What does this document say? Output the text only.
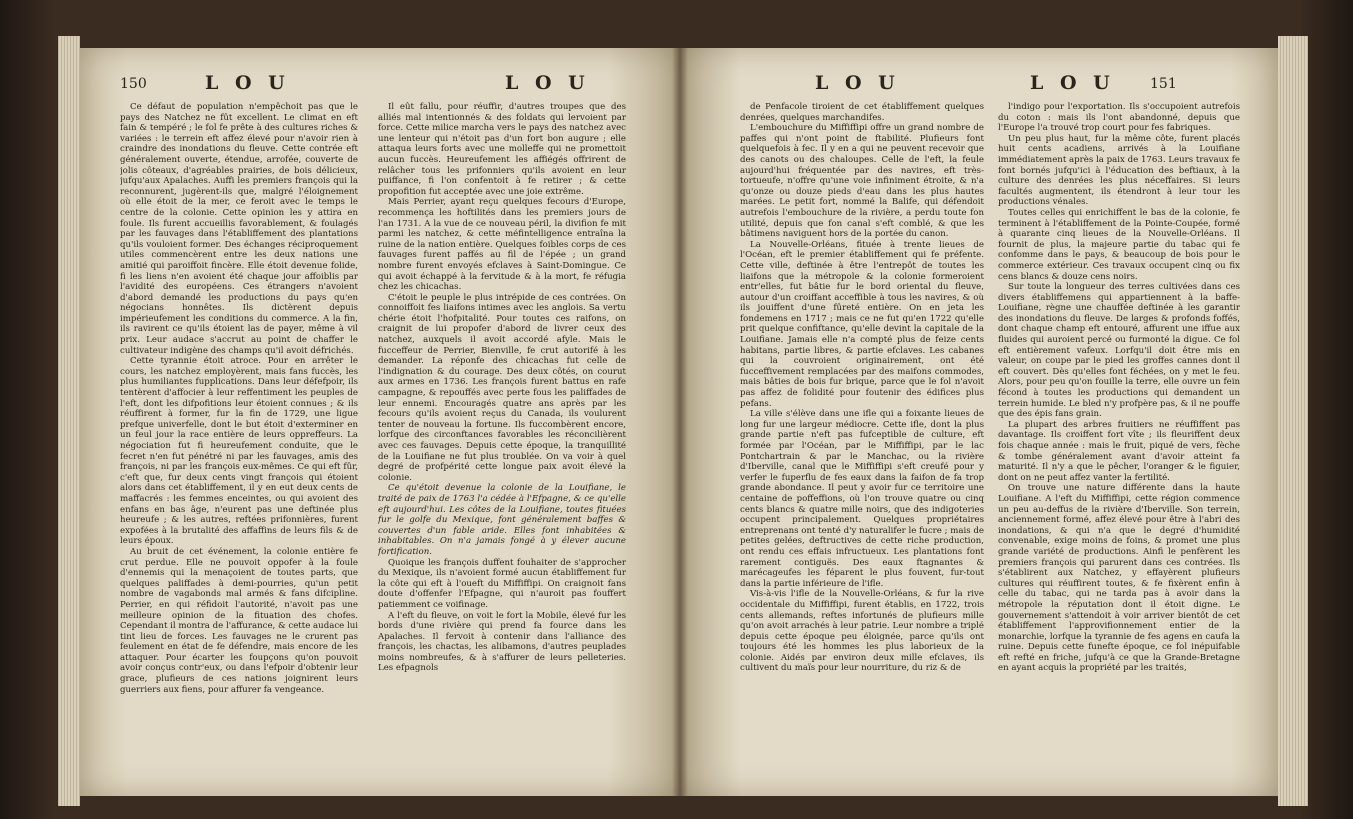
150	L O U	L O U

Ce défaut de population n'empêchoit pas que le pays des Natchez ne fût excellent. Le climat en eft fain & tempéré ; le fol fe prête à des cultures riches & variées : le terrein eft affez élevé pour n'avoir rien à craindre des inondations du fleuve. Cette contrée eft généralement ouverte, étendue, arrofée, couverte de jolis côteaux, d'agréables prairies, de bois délicieux, jufqu'aux Apalaches. Auffi les premiers françois qui la reconnurent, jugèrent-ils que, malgré l'éloignement où elle étoit de la mer, ce feroit avec le temps le centre de la colonie. Cette opinion les y attira en foule. Ils furent accueillis favorablement, & foulagés par les fauvages dans l'établiffement des plantations qu'ils vouloient former. Des échanges réciproquement utiles commencèrent entre les deux nations une amitié qui paroiffoit fincère. Elle étoit devenue folide, fi les liens n'en avoient été chaque jour affoiblis par l'avidité des européens. Ces étrangers n'avoient d'abord demandé les productions du pays qu'en négocians honnêtes. Ils dictèrent depuis impérieufement les conditions du commerce. A la fin, ils ravirent ce qu'ils étoient las de payer, même à vil prix. Leur audace s'accrut au point de chaffer le cultivateur indigène des champs qu'il avoit défrichés.

Cette tyrannie étoit atroce. Pour en arrêter le cours, les natchez employèrent, mais fans fuccès, les plus humiliantes fupplications. Dans leur défefpoir, ils tentèrent d'affocier à leur reffentiment les peuples de l'eft, dont les difpofitions leur étoient connues ; & ils réuffirent à former, fur la fin de 1729, une ligue prefque univerfelle, dont le but étoit d'exterminer en un feul jour la race entière de leurs oppreffeurs. La négociation fut fi heureufement conduite, que le fecret n'en fut pénétré ni par les fauvages, amis des françois, ni par les françois eux-mêmes. Ce qui eft fûr, c'eft que, fur deux cents vingt françois qui étoient alors dans cet établiffement, il y en eut deux cents de maffacrés : les femmes enceintes, ou qui avoient des enfans en bas âge, n'eurent pas une deftinée plus heureufe ; & les autres, reftées prifonnières, furent expofées à la brutalité des affaffins de leurs fils & de leurs époux.

Au bruit de cet événement, la colonie entière fe crut perdue. Elle ne pouvoit oppofer à la foule d'ennemis qui la menaçoient de toutes parts, que quelques paliffades à demi-pourries, qu'un petit nombre de vagabonds mal armés & fans difcipline. Perrier, en qui réfidoit l'autorité, n'avoit pas une meilleure opinion de la fituation des chofes. Cependant il montra de l'affurance, & cette audace lui tint lieu de forces. Les fauvages ne le crurent pas feulement en état de fe défendre, mais encore de les attaquer. Pour écarter les foupçons qu'on pouvoit avoir conçus contr'eux, ou dans l'efpoir d'obtenir leur grace, plufieurs de ces nations joignirent leurs guerriers aux fiens, pour affurer fa vengeance.

Il eût fallu, pour réuffir, d'autres troupes que des alliés mal intentionnés & des foldats qui lervoient par force. Cette milice marcha vers le pays des natchez avec une lenteur qui n'étoit pas d'un fort bon augure ; elle attaqua leurs forts avec une molleffe qui ne promettoit aucun fuccès. Heureufement les affiégés offrirent de relâcher tous les prifonniers qu'ils avoient en leur puiffance, fi l'on confentoit à fe retirer ; & cette propofition fut acceptée avec une joie extrême.

Mais Perrier, ayant reçu quelques fecours d'Europe, recommença les hoftilités dans les premiers jours de l'an 1731. A la vue de ce nouveau péril, la divifion fe mit parmi les natchez, & cette méfintelligence entraîna la ruine de la nation entière. Quelques foibles corps de ces fauvages furent paffés au fil de l'épée ; un grand nombre furent envoyés efclaves à Saint-Domingue. Ce qui avoit échappé à la fervitude & à la mort, fe réfugia chez les chicachas.

C'étoit le peuple le plus intrépide de ces contrées. On connoiffoit fes liaifons intimes avec les anglois. Sa vertu chérie étoit l'hofpitalité. Pour toutes ces raifons, on craignit de lui propofer d'abord de livrer ceux des natchez, auxquels il avoit accordé afyle. Mais le fucceffeur de Perrier, Bienville, fe crut autorifé à les demander. La réponfe des chicachas fut celle de l'indignation & du courage. Des deux côtés, on courut aux armes en 1736. Les françois furent battus en rafe campagne, & repouffés avec perte fous les paliffades de leur ennemi. Encouragés quatre ans après par les fecours qu'ils avoient reçus du Canada, ils voulurent tenter de nouveau la fortune. Ils fuccombèrent encore, lorfque des circonftances favorables les réconcilièrent avec ces fauvages. Depuis cette époque, la tranquillité de la Louifiane ne fut plus troublée. On va voir à quel degré de profpérité cette longue paix avoit élevé la colonie.

Ce qu'étoit devenue la colonie de la Louifiane, le traité de paix de 1763 l'a cédée à l'Efpagne, & ce qu'elle eft aujourd'hui. Les côtes de la Louifiane, toutes fituées fur le golfe du Mexique, font généralement baffes & couvertes d'un fable aride. Elles font inhabitées & inhabitables. On n'a jamais fongé à y élever aucune fortification.

Quoique les françois duffent fouhaiter de s'approcher du Mexique, ils n'avoient formé aucun établiffement fur la côte qui eft à l'oueft du Miffiffipi. On craignoit fans doute d'offenfer l'Efpagne, qui n'auroit pas fouffert patiemment ce voifinage.

A l'eft du fleuve, on voit le fort la Mobile, élevé fur les bords d'une rivière qui prend fa fource dans les Apalaches. Il fervoit à contenir dans l'alliance des françois, les chactas, les alibamons, d'autres peuplades moins nombreufes, & à s'affurer de leurs pelleteries. Les efpagnols

L O U	L O U	151

de Penfacole tiroient de cet établiffement quelques denrées, quelques marchandifes.

L'embouchure du Miffiffipi offre un grand nombre de paffes qui n'ont point de ftabilité. Plufieurs font quelquefois à fec. Il y en a qui ne peuvent recevoir que des canots ou des chaloupes. Celle de l'eft, la feule aujourd'hui fréquentée par des navires, eft très-tortueufe, n'offre qu'une voie infiniment étroite, & n'a qu'onze ou douze pieds d'eau dans les plus hautes marées. Le petit fort, nommé la Balife, qui défendoit autrefois l'embouchure de la rivière, a perdu toute fon utilité, depuis que fon canal s'eft comblé, & que les bâtimens naviguent hors de la portée du canon.

La Nouvelle-Orléans, fituée à trente lieues de l'Océan, eft le premier établiffement qui fe préfente. Cette ville, deftinée à être l'entrepôt de toutes les liaifons que la métropole & la colonie formeroient entr'elles, fut bâtie fur le bord oriental du fleuve, autour d'un croiffant acceffible à tous les navires, & où ils jouiffent d'une fûreté entière. On en jeta les fondemens en 1717 ; mais ce ne fut qu'en 1722 qu'elle prit quelque confiftance, qu'elle devint la capitale de la Louifiane. Jamais elle n'a compté plus de feize cents habitans, partie libres, & partie efclaves. Les cabanes qui la couvroient originairement, ont été fucceffivement remplacées par des maifons commodes, mais bâties de bois fur brique, parce que le fol n'avoit pas affez de folidité pour foutenir des édifices plus pefans.

La ville s'élève dans une ifle qui a foixante lieues de long fur une largeur médiocre. Cette ifle, dont la plus grande partie n'eft pas fufceptible de culture, eft formée par l'Océan, par le Miffiffipi, par le lac Pontchartrain & par le Manchac, ou la rivière d'Iberville, canal que le Miffiffipi s'eft creufé pour y verfer le fuperflu de fes eaux dans la faifon de fa trop grande abondance. Il peut y avoir fur ce territoire une centaine de poffeffions, où l'on trouve quatre ou cinq cents blancs & quatre mille noirs, que des indigoteries occupent principalement. Quelques propriétaires entreprenans ont tenté d'y naturalifer le fucre ; mais de petites gelées, deftructives de cette riche production, ont rendu ces effais infructueux. Les plantations font rarement contiguës. Des eaux ftagnantes & marécageufes les féparent le plus fouvent, fur-tout dans la partie inférieure de l'ifle.

Vis-à-vis l'ifle de la Nouvelle-Orléans, & fur la rive occidentale du Miffiffipi, furent établis, en 1722, trois cents allemands, reftes infortunés de plufieurs mille qu'on avoit arrachés à leur patrie. Leur nombre a triplé depuis cette époque peu éloignée, parce qu'ils ont toujours été les hommes les plus laborieux de la colonie. Aidés par environ deux mille efclaves, ils cultivent du maïs pour leur nourriture, du riz & de

l'indigo pour l'exportation. Ils s'occupoient autrefois du coton : mais ils l'ont abandonné, depuis que l'Europe l'a trouvé trop court pour fes fabriques.

Un peu plus haut, fur la même côte, furent placés huit cents acadiens, arrivés à la Louifiane immédiatement après la paix de 1763. Leurs travaux fe font bornés jufqu'ici à l'éducation des beftiaux, à la culture des denrées les plus néceffaires. Si leurs facultés augmentent, ils étendront à leur tour les productions vénales.

Toutes celles qui enrichiffent le bas de la colonie, fe terminent à l'établiffement de la Pointe-Coupée, formé à quarante cinq lieues de la Nouvelle-Orléans. Il fournit de plus, la majeure partie du tabac qui fe confomme dans le pays, & beaucoup de bois pour le commerce extérieur. Ces travaux occupent cinq ou fix cens blancs & douze cens noirs.

Sur toute la longueur des terres cultivées dans ces divers établiffemens qui appartiennent à la baffe-Louifiane, règne une chauffée deftinée à les garantir des inondations du fleuve. De larges & profonds foffés, dont chaque champ eft entouré, affurent une iffue aux fluides qui auroient percé ou furmonté la digue. Ce fol eft entièrement vafeux. Lorfqu'il doit être mis en valeur, on coupe par le pied les groffes cannes dont il eft couvert. Dès qu'elles font féchées, on y met le feu. Alors, pour peu qu'on fouille la terre, elle ouvre un fein fécond à toutes les productions qui demandent un terrein humide. Le bled n'y profpère pas, & il ne pouffe que des épis fans grain.

La plupart des arbres fruitiers ne réuffiffent pas davantage. Ils croiffent fort vîte ; ils fleuriffent deux fois chaque année : mais le fruit, piqué de vers, fèche & tombe généralement avant d'avoir atteint fa maturité. Il n'y a que le pêcher, l'oranger & le figuier, dont on ne peut affez vanter la fertilité.

On trouve une nature différente dans la haute Louifiane. A l'eft du Miffiffipi, cette région commence un peu au-deffus de la rivière d'Iberville. Son terrein, anciennement formé, affez élevé pour être à l'abri des inondations, & qui n'a que le degré d'humidité convenable, exige moins de foins, & promet une plus grande variété de productions. Ainfi le penfèrent les premiers françois qui parurent dans ces contrées. Ils s'établirent aux Natchez, y effayèrent plufieurs cultures qui réuffirent toutes, & fe fixèrent enfin à celle du tabac, qui ne tarda pas à avoir dans la métropole la réputation dont il étoit digne. Le gouvernement s'attendoit à voir arriver bientôt de cet établiffement l'approvifionnement entier de la monarchie, lorfque la tyrannie de fes agens en caufa la ruine. Depuis cette funefte époque, ce fol inépuifable eft refté en friche, jufqu'à ce que la Grande-Bretagne en ayant acquis la propriété par les traités,
